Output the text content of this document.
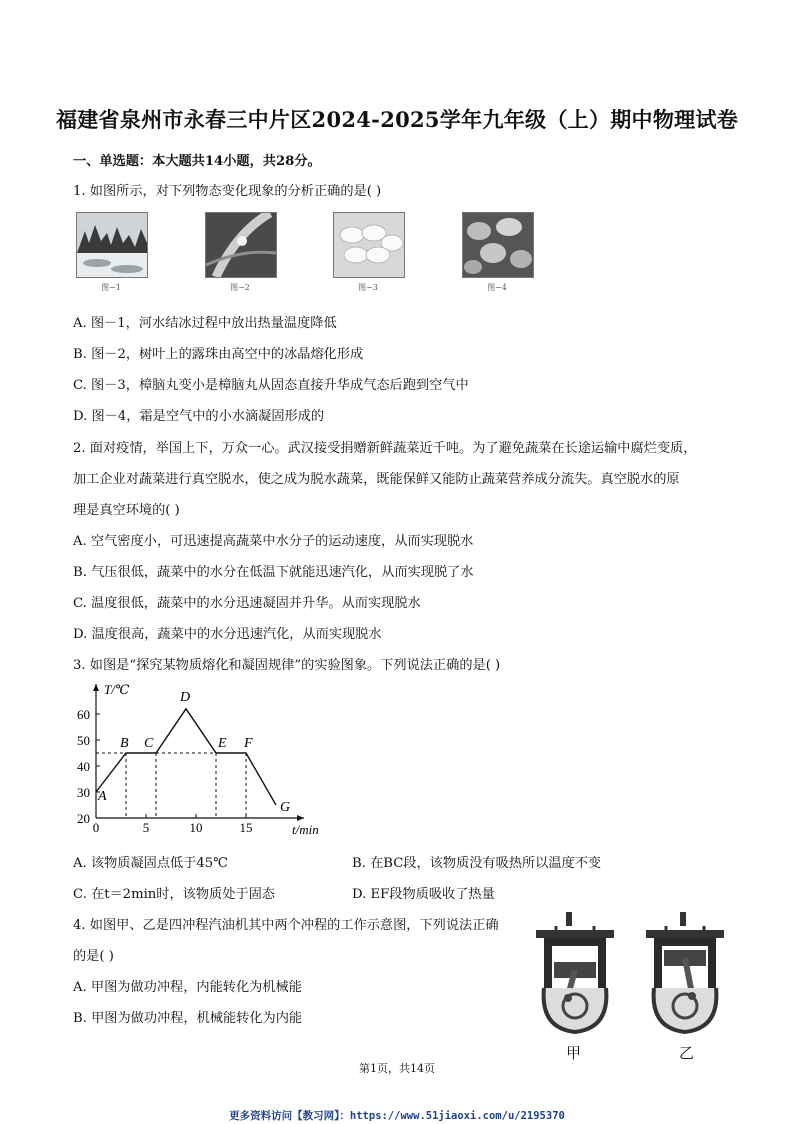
福建省泉州市永春三中片区2024-2025学年九年级（上）期中物理试卷
一、单选题：本大题共14小题，共28分。
1. 如图所示，对下列物态变化现象的分析正确的是( )
图−1	图−2	图−3	图−4
A. 图－1，河水结冰过程中放出热量温度降低
B. 图－2，树叶上的露珠由高空中的冰晶熔化形成
C. 图－3，樟脑丸变小是樟脑丸从固态直接升华成气态后跑到空气中
D. 图－4，霜是空气中的小水滴凝固形成的
2. 面对疫情，举国上下，万众一心。武汉接受捐赠新鲜蔬菜近千吨。为了避免蔬菜在长途运输中腐烂变质，
加工企业对蔬菜进行真空脱水，使之成为脱水蔬菜，既能保鲜又能防止蔬菜营养成分流失。真空脱水的原
理是真空环境的( )
A. 空气密度小，可迅速提高蔬菜中水分子的运动速度，从而实现脱水
B. 气压很低，蔬菜中的水分在低温下就能迅速汽化，从而实现脱了水
C. 温度很低，蔬菜中的水分迅速凝固并升华。从而实现脱水
D. 温度很高，蔬菜中的水分迅速汽化，从而实现脱水
3. 如图是“探究某物质熔化和凝固规律”的实验图象。下列说法正确的是( )
0	5	10	15
20
30
40
50
60
T/℃
t/min
A
B C
D
E F
G
A. 该物质凝固点低于45℃	B. 在BC段，该物质没有吸热所以温度不变
C. 在t＝2min时，该物质处于固态	D. EF段物质吸收了热量
4. 如图甲、乙是四冲程汽油机其中两个冲程的工作示意图，下列说法正确
的是( )
A. 甲图为做功冲程，内能转化为机械能
B. 甲图为做功冲程，机械能转化为内能
甲	乙
第1页，共14页
更多资料访问【教习网】：https://www.51jiaoxi.com/u/2195370
